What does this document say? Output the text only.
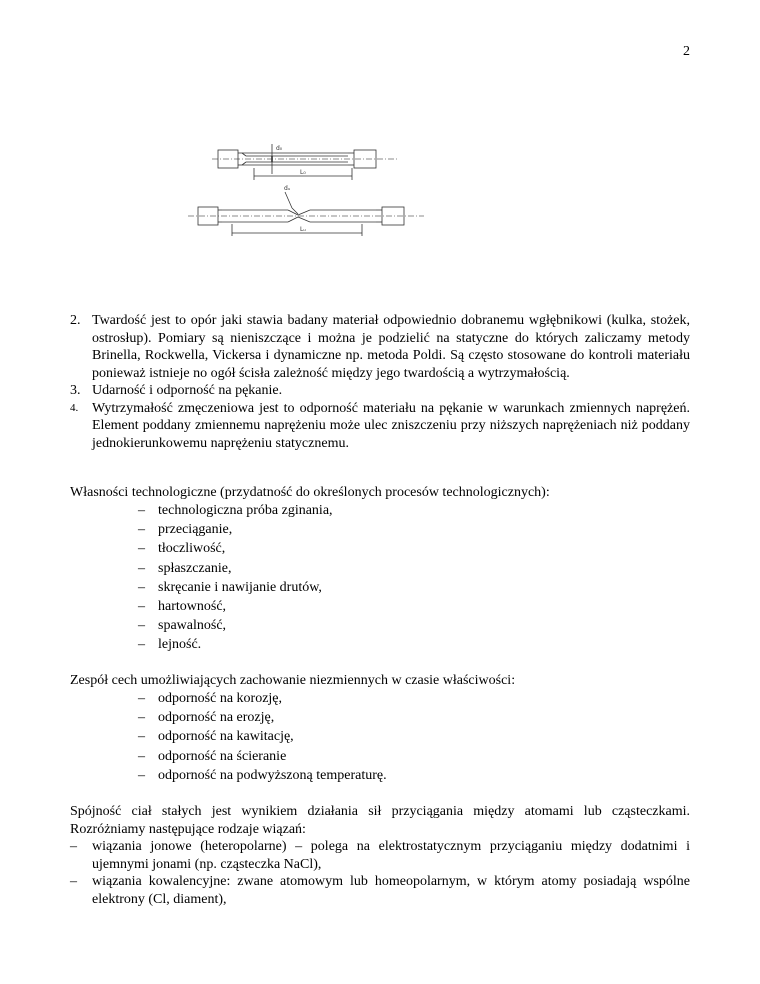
2
d₀
L₀
dᵤ
Lᵤ
2. Twardość jest to opór jaki stawia badany materiał odpowiednio dobranemu wgłębnikowi (kulka, stożek, ostrosłup). Pomiary są nieniszczące i można je podzielić na statyczne do których zaliczamy metody Brinella, Rockwella, Vickersa i dynamiczne np. metoda Poldi. Są często stosowane do kontroli materiału ponieważ istnieje no ogół ścisła zależność między jego twardością a wytrzymałością.
3. Udarność i odporność na pękanie.
4. Wytrzymałość zmęczeniowa jest to odporność materiału na pękanie w warunkach zmiennych naprężeń. Element poddany zmiennemu naprężeniu może ulec zniszczeniu przy niższych naprężeniach niż poddany jednokierunkowemu naprężeniu statycznemu.
Własności technologiczne (przydatność do określonych procesów technologicznych):
– technologiczna próba zginania,
– przeciąganie,
– tłoczliwość,
– spłaszczanie,
– skręcanie i nawijanie drutów,
– hartowność,
– spawalność,
– lejność.
Zespół cech umożliwiających zachowanie niezmiennych w czasie właściwości:
– odporność na korozję,
– odporność na erozję,
– odporność na kawitację,
– odporność na ścieranie
– odporność na podwyższoną temperaturę.
Spójność ciał stałych jest wynikiem działania sił przyciągania między atomami lub cząsteczkami. Rozróżniamy następujące rodzaje wiązań:
– wiązania jonowe (heteropolarne) – polega na elektrostatycznym przyciąganiu między dodatnimi i ujemnymi jonami (np. cząsteczka NaCl),
– wiązania kowalencyjne: zwane atomowym lub homeopolarnym, w którym atomy posiadają wspólne elektrony (Cl, diament),
